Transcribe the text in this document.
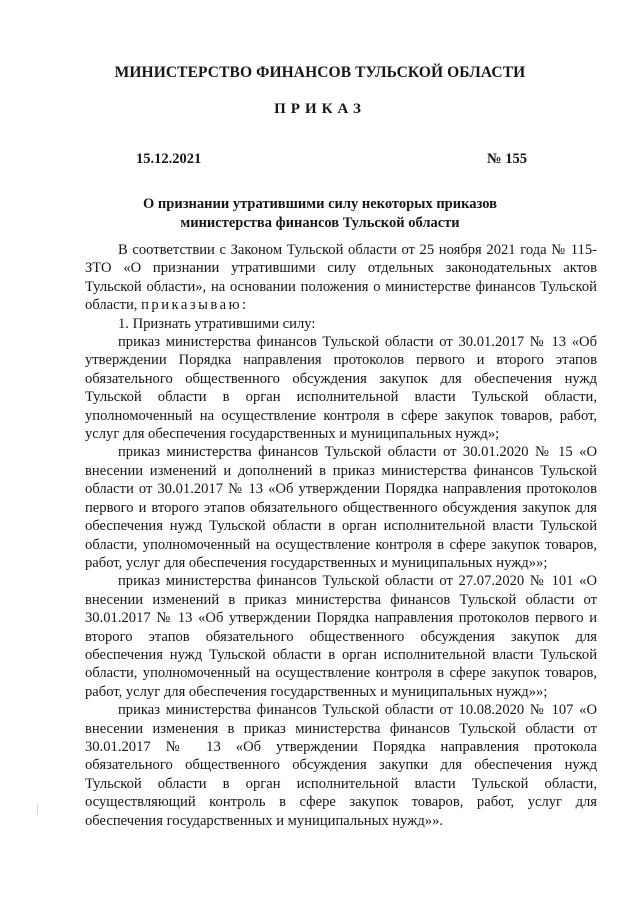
МИНИСТЕРСТВО ФИНАНСОВ ТУЛЬСКОЙ ОБЛАСТИ
ПРИКАЗ
15.12.2021	№ 155
О признании утратившими силу некоторых приказов
министерства финансов Тульской области

В соответствии с Законом Тульской области от 25 ноября 2021 года № 115-ЗТО «О признании утратившими силу отдельных законодательных актов Тульской области», на основании положения о министерстве финансов Тульской области, приказываю:

1. Признать утратившими силу:

приказ министерства финансов Тульской области от 30.01.2017 № 13 «Об утверждении Порядка направления протоколов первого и второго этапов обязательного общественного обсуждения закупок для обеспечения нужд Тульской области в орган исполнительной власти Тульской области, уполномоченный на осуществление контроля в сфере закупок товаров, работ, услуг для обеспечения государственных и муниципальных нужд»;

приказ министерства финансов Тульской области от 30.01.2020 № 15 «О внесении изменений и дополнений в приказ министерства финансов Тульской области от 30.01.2017 № 13 «Об утверждении Порядка направления протоколов первого и второго этапов обязательного общественного обсуждения закупок для обеспечения нужд Тульской области в орган исполнительной власти Тульской области, уполномоченный на осуществление контроля в сфере закупок товаров, работ, услуг для обеспечения государственных и муниципальных нужд»»;

приказ министерства финансов Тульской области от 27.07.2020 № 101 «О внесении изменений в приказ министерства финансов Тульской области от 30.01.2017 № 13 «Об утверждении Порядка направления протоколов первого и второго этапов обязательного общественного обсуждения закупок для обеспечения нужд Тульской области в орган исполнительной власти Тульской области, уполномоченный на осуществление контроля в сфере закупок товаров, работ, услуг для обеспечения государственных и муниципальных нужд»»;

приказ министерства финансов Тульской области от 10.08.2020 № 107 «О внесении изменения в приказ министерства финансов Тульской области от 30.01.2017 № 13 «Об утверждении Порядка направления протокола обязательного общественного обсуждения закупки для обеспечения нужд Тульской области в орган исполнительной власти Тульской области, осуществляющий контроль в сфере закупок товаров, работ, услуг для обеспечения государственных и муниципальных нужд»».
